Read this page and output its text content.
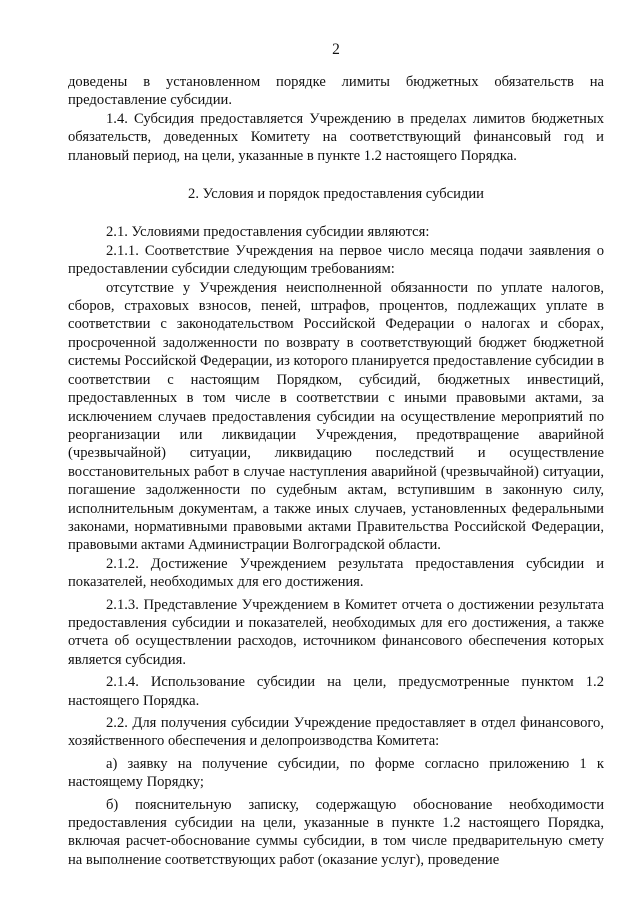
2

доведены в установленном порядке лимиты бюджетных обязательств на предоставление субсидии.

1.4. Субсидия предоставляется Учреждению в пределах лимитов бюджетных обязательств, доведенных Комитету на соответствующий финансовый год и плановый период, на цели, указанные в пункте 1.2 настоящего Порядка.

2. Условия и порядок предоставления субсидии

2.1. Условиями предоставления субсидии являются:

2.1.1. Соответствие Учреждения на первое число месяца подачи заявления о предоставлении субсидии следующим требованиям:

отсутствие у Учреждения неисполненной обязанности по уплате налогов, сборов, страховых взносов, пеней, штрафов, процентов, подлежащих уплате в соответствии с законодательством Российской Федерации о налогах и сборах, просроченной задолженности по возврату в соответствующий бюджет бюджетной системы Российской Федерации, из которого планируется предоставление субсидии в соответствии с настоящим Порядком, субсидий, бюджетных инвестиций, предоставленных в том числе в соответствии с иными правовыми актами, за исключением случаев предоставления субсидии на осуществление мероприятий по реорганизации или ликвидации Учреждения, предотвращение аварийной (чрезвычайной) ситуации, ликвидацию последствий и осуществление восстановительных работ в случае наступления аварийной (чрезвычайной) ситуации, погашение задолженности по судебным актам, вступившим в законную силу, исполнительным документам, а также иных случаев, установленных федеральными законами, нормативными правовыми актами Правительства Российской Федерации, правовыми актами Администрации Волгоградской области.

2.1.2. Достижение Учреждением результата предоставления субсидии и показателей, необходимых для его достижения.

2.1.3. Представление Учреждением в Комитет отчета о достижении результата предоставления субсидии и показателей, необходимых для его достижения, а также отчета об осуществлении расходов, источником финансового обеспечения которых является субсидия.

2.1.4. Использование субсидии на цели, предусмотренные пунктом 1.2 настоящего Порядка.

2.2. Для получения субсидии Учреждение предоставляет в отдел финансового, хозяйственного обеспечения и делопроизводства Комитета:

а) заявку на получение субсидии, по форме согласно приложению 1 к настоящему Порядку;

б) пояснительную записку, содержащую обоснование необходимости предоставления субсидии на цели, указанные в пункте 1.2 настоящего Порядка, включая расчет-обоснование суммы субсидии, в том числе предварительную смету на выполнение соответствующих работ (оказание услуг), проведение
